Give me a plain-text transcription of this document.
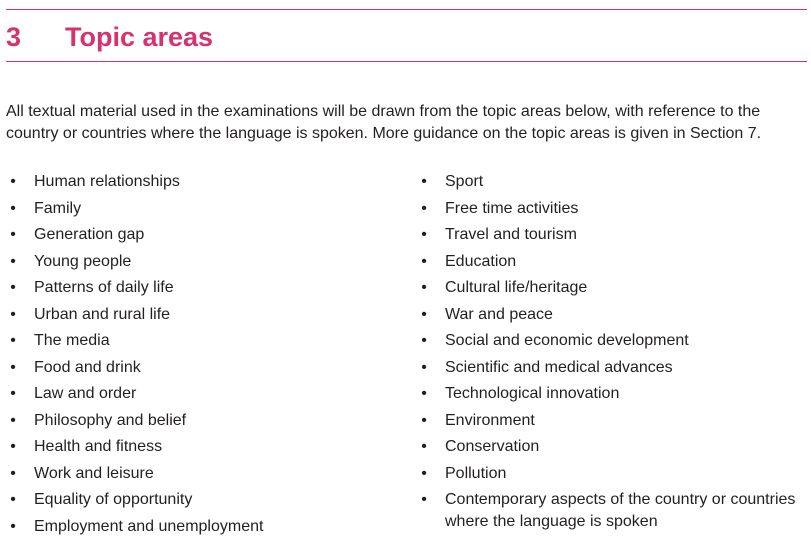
3 Topic areas

All textual material used in the examinations will be drawn from the topic areas below, with reference to the country or countries where the language is spoken. More guidance on the topic areas is given in Section 7.

• Human relationships
• Family
• Generation gap
• Young people
• Patterns of daily life
• Urban and rural life
• The media
• Food and drink
• Law and order
• Philosophy and belief
• Health and fitness
• Work and leisure
• Equality of opportunity
• Employment and unemployment
• Sport
• Free time activities
• Travel and tourism
• Education
• Cultural life/heritage
• War and peace
• Social and economic development
• Scientific and medical advances
• Technological innovation
• Environment
• Conservation
• Pollution
• Contemporary aspects of the country or countries where the language is spoken
